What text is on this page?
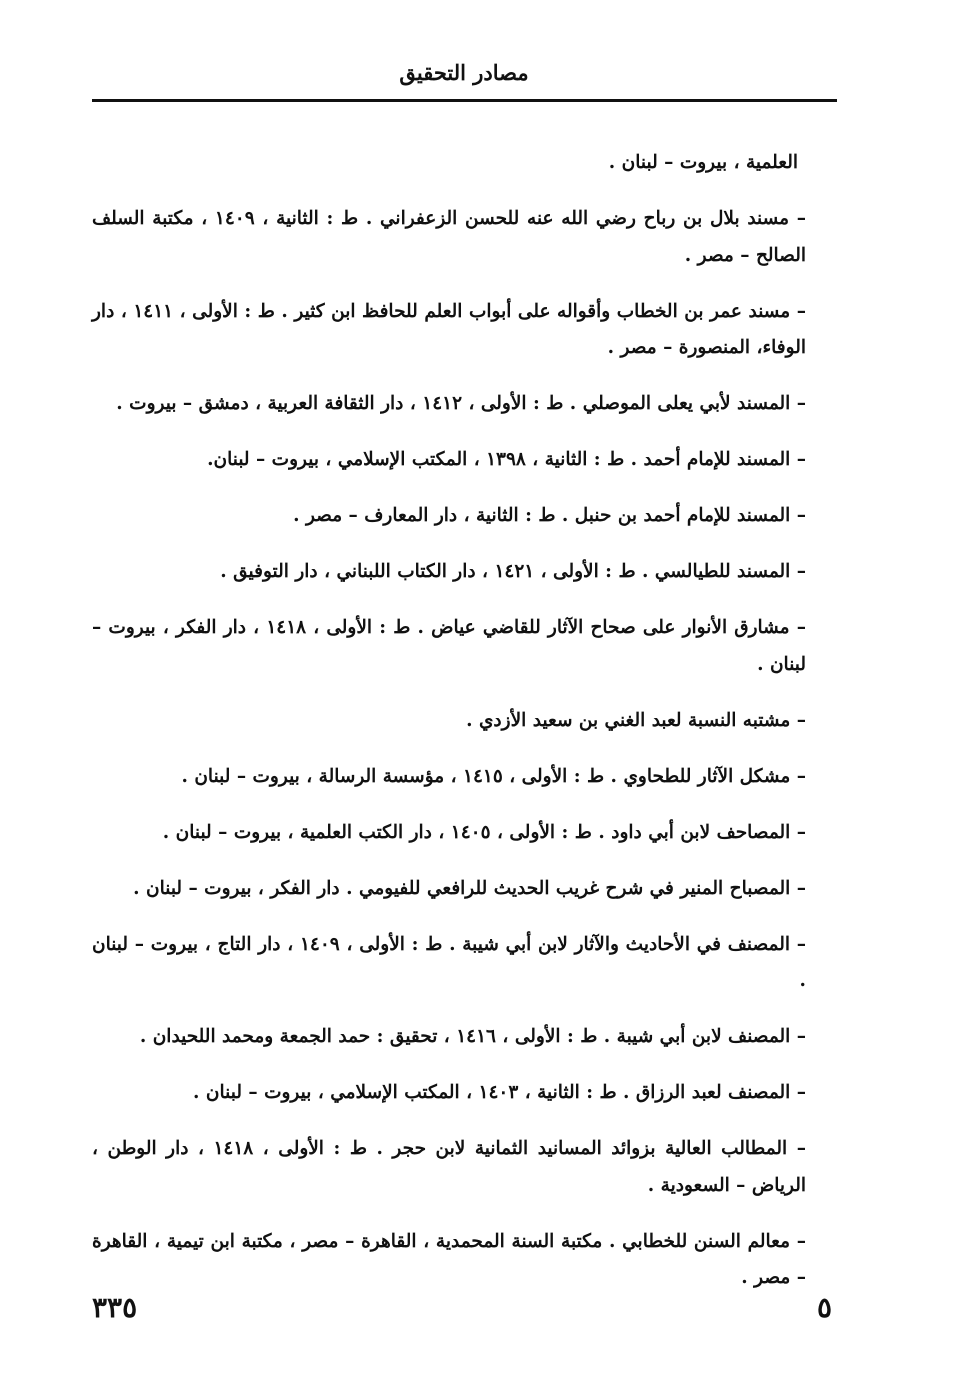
مصادر التحقيق

العلمية ، بيروت – لبنان .

– مسند بلال بن رباح رضي الله عنه للحسن الزعفراني . ط : الثانية ، ١٤٠٩ ، مكتبة السلف الصالح – مصر .

– مسند عمر بن الخطاب وأقواله على أبواب العلم للحافظ ابن كثير . ط : الأولى ، ١٤١١ ، دار الوفاء، المنصورة – مصر .

– المسند لأبي يعلى الموصلي . ط : الأولى ، ١٤١٢ ، دار الثقافة العربية ، دمشق – بيروت .

– المسند للإمام أحمد . ط : الثانية ، ١٣٩٨ ، المكتب الإسلامي ، بيروت – لبنان.

– المسند للإمام أحمد بن حنبل . ط : الثانية ، دار المعارف – مصر .

– المسند للطيالسي . ط : الأولى ، ١٤٢١ ، دار الكتاب اللبناني ، دار التوفيق .

– مشارق الأنوار على صحاح الآثار للقاضي عياض . ط : الأولى ، ١٤١٨ ، دار الفكر ، بيروت – لبنان .

– مشتبه النسبة لعبد الغني بن سعيد الأزدي .

– مشكل الآثار للطحاوي . ط : الأولى ، ١٤١٥ ، مؤسسة الرسالة ، بيروت – لبنان .

– المصاحف لابن أبي داود . ط : الأولى ، ١٤٠٥ ، دار الكتب العلمية ، بيروت – لبنان .

– المصباح المنير في شرح غريب الحديث للرافعي للفيومي . دار الفكر ، بيروت – لبنان .

– المصنف في الأحاديث والآثار لابن أبي شيبة . ط : الأولى ، ١٤٠٩ ، دار التاج ، بيروت – لبنان .

– المصنف لابن أبي شيبة . ط : الأولى ، ١٤١٦ ، تحقيق : حمد الجمعة ومحمد اللحيدان .

– المصنف لعبد الرزاق . ط : الثانية ، ١٤٠٣ ، المكتب الإسلامي ، بيروت – لبنان .

– المطالب العالية بزوائد المسانيد الثمانية لابن حجر . ط : الأولى ، ١٤١٨ ، دار الوطن ، الرياض – السعودية .

– معالم السنن للخطابي . مكتبة السنة المحمدية ، القاهرة – مصر ، مكتبة ابن تيمية ، القاهرة – مصر .

٥
٣٣٥
